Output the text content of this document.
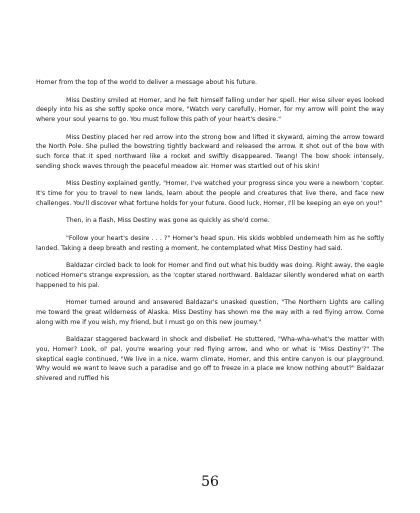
Homer from the top of the world to deliver a message about his future.

Miss Destiny smiled at Homer, and he felt himself falling under her spell. Her wise silver eyes looked deeply into his as she softly spoke once more, "Watch very carefully, Homer, for my arrow will point the way where your soul yearns to go. You must follow this path of your heart's desire."

Miss Destiny placed her red arrow into the strong bow and lifted it skyward, aiming the arrow toward the North Pole. She pulled the bowstring tightly backward and released the arrow. It shot out of the bow with such force that it sped northward like a rocket and swiftly disappeared. Twang! The bow shook intensely, sending shock waves through the peaceful meadow air. Homer was startled out of his skin!

Miss Destiny explained gently, "Homer, I've watched your progress since you were a newborn 'copter. It's time for you to travel to new lands, learn about the people and creatures that live there, and face new challenges. You'll discover what fortune holds for your future. Good luck, Homer, I'll be keeping an eye on you!"

Then, in a flash, Miss Destiny was gone as quickly as she'd come.

"Follow your heart's desire . . . ?" Homer's head spun. His skids wobbled underneath him as he softly landed. Taking a deep breath and resting a moment, he contemplated what Miss Destiny had said.

Baldazar circled back to look for Homer and find out what his buddy was doing. Right away, the eagle noticed Homer's strange expression, as the 'copter stared northward. Baldazar silently wondered what on earth happened to his pal.

Homer turned around and answered Baldazar's unasked question, "The Northern Lights are calling me toward the great wilderness of Alaska. Miss Destiny has shown me the way with a red flying arrow. Come along with me if you wish, my friend, but I must go on this new journey."

Baldazar staggered backward in shock and disbelief. He stuttered, "Wha-wha-what's the matter with you, Homer? Look, ol' pal, you're wearing your red flying arrow, and who or what is 'Miss Destiny'?" The skeptical eagle continued, "We live in a nice, warm climate, Homer, and this entire canyon is our playground. Why would we want to leave such a paradise and go off to freeze in a place we know nothing about?" Baldazar shivered and ruffled his

56
